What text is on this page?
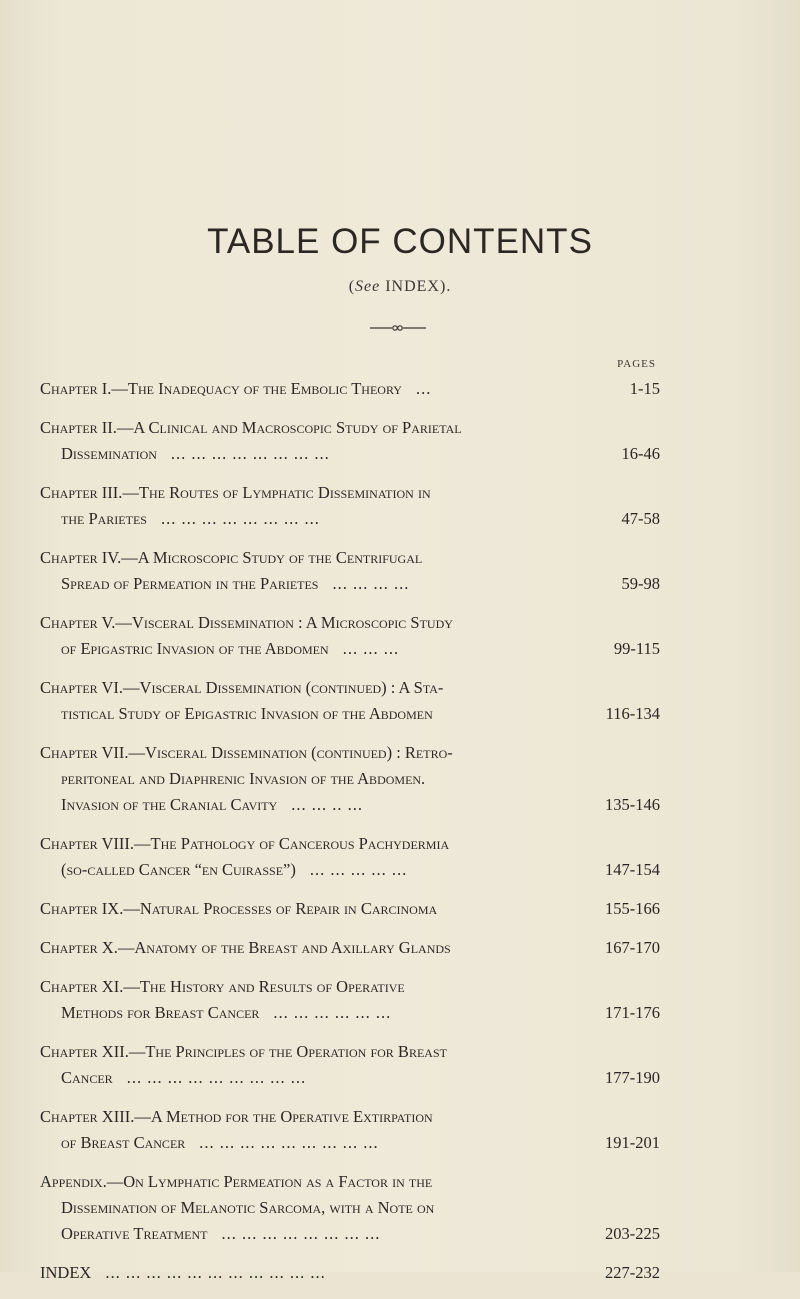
TABLE OF CONTENTS
(See INDEX).
PAGES
Chapter I.—The Inadequacy of the Embolic Theory ...	1-15
Chapter II.—A Clinical and Macroscopic Study of Parietal
Dissemination ... ... ... ... ... ... ... ...	16-46
Chapter III.—The Routes of Lymphatic Dissemination in
the Parietes ... ... ... ... ... ... ... ...	47-58
Chapter IV.—A Microscopic Study of the Centrifugal
Spread of Permeation in the Parietes ... ... ... ...	59-98
Chapter V.—Visceral Dissemination : A Microscopic Study
of Epigastric Invasion of the Abdomen ... ... ...	99-115
Chapter VI.—Visceral Dissemination (continued) : A Sta-
tistical Study of Epigastric Invasion of the Abdomen	116-134
Chapter VII.—Visceral Dissemination (continued) : Retro-
peritoneal and Diaphrenic Invasion of the Abdomen.
Invasion of the Cranial Cavity ... ... .. ...	135-146
Chapter VIII.—The Pathology of Cancerous Pachydermia
(so-called Cancer “en Cuirasse”) ... ... ... ... ...	147-154
Chapter IX.—Natural Processes of Repair in Carcinoma	155-166
Chapter X.—Anatomy of the Breast and Axillary Glands	167-170
Chapter XI.—The History and Results of Operative
Methods for Breast Cancer ... ... ... ... ... ...	171-176
Chapter XII.—The Principles of the Operation for Breast
Cancer ... ... ... ... ... ... ... ... ...	177-190
Chapter XIII.—A Method for the Operative Extirpation
of Breast Cancer ... ... ... ... ... ... ... ... ...	191-201
Appendix.—On Lymphatic Permeation as a Factor in the
Dissemination of Melanotic Sarcoma, with a Note on
Operative Treatment ... ... ... ... ... ... ... ...	203-225
INDEX ... ... ... ... ... ... ... ... ... ... ...	227-232
